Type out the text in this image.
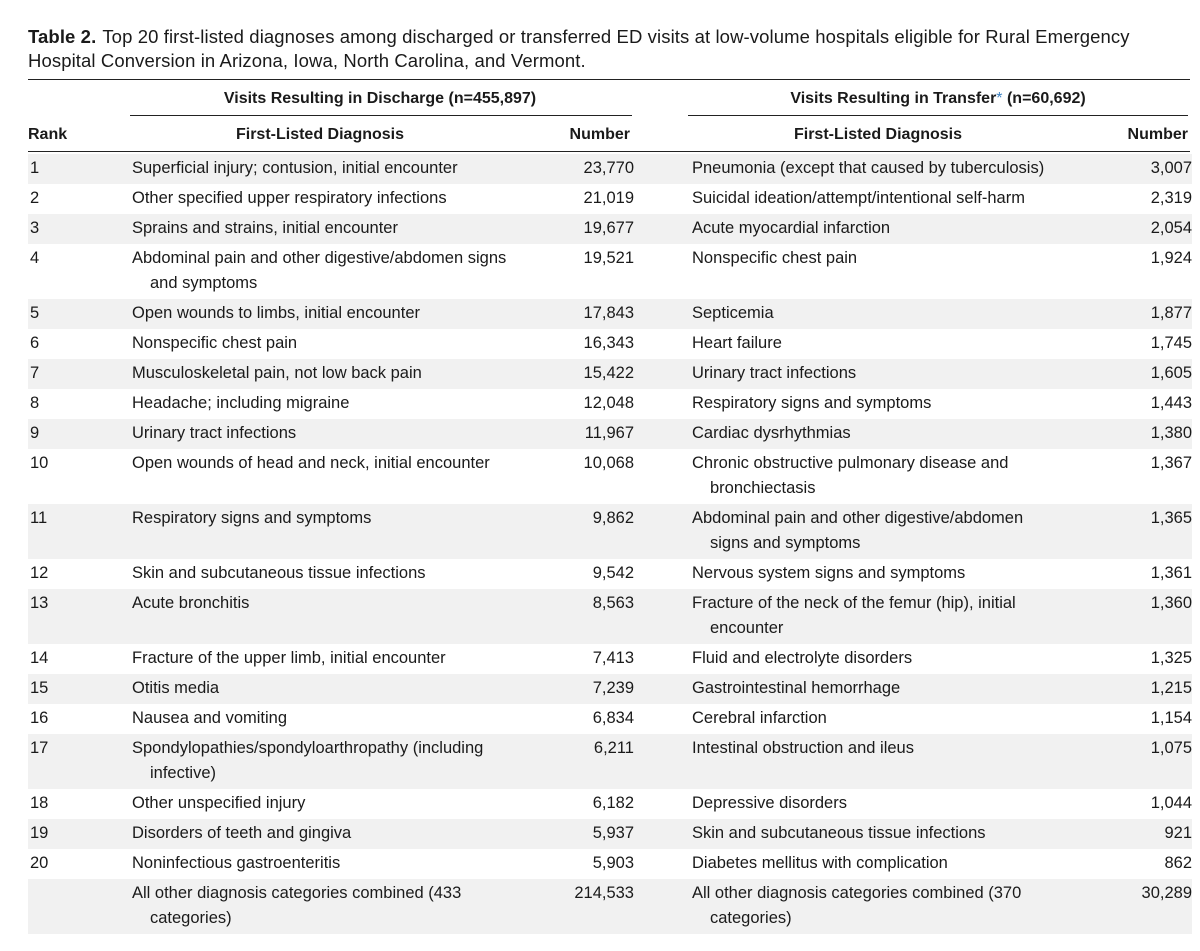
Table 2. Top 20 first-listed diagnoses among discharged or transferred ED visits at low-volume hospitals eligible for Rural Emergency Hospital Conversion in Arizona, Iowa, North Carolina, and Vermont.
Visits Resulting in Discharge (n=455,897)	Visits Resulting in Transfer* (n=60,692)
Rank	First-Listed Diagnosis	Number	First-Listed Diagnosis	Number
1	Superficial injury; contusion, initial encounter	23,770		Pneumonia (except that caused by tuberculosis)	3,007
2	Other specified upper respiratory infections	21,019		Suicidal ideation/attempt/intentional self-harm	2,319
3	Sprains and strains, initial encounter	19,677		Acute myocardial infarction	2,054
4	Abdominal pain and other digestive/abdomen signs and symptoms	19,521		Nonspecific chest pain	1,924
5	Open wounds to limbs, initial encounter	17,843		Septicemia	1,877
6	Nonspecific chest pain	16,343		Heart failure	1,745
7	Musculoskeletal pain, not low back pain	15,422		Urinary tract infections	1,605
8	Headache; including migraine	12,048		Respiratory signs and symptoms	1,443
9	Urinary tract infections	11,967		Cardiac dysrhythmias	1,380
10	Open wounds of head and neck, initial encounter	10,068		Chronic obstructive pulmonary disease and bronchiectasis	1,367
11	Respiratory signs and symptoms	9,862		Abdominal pain and other digestive/abdomen signs and symptoms	1,365
12	Skin and subcutaneous tissue infections	9,542		Nervous system signs and symptoms	1,361
13	Acute bronchitis	8,563		Fracture of the neck of the femur (hip), initial encounter	1,360
14	Fracture of the upper limb, initial encounter	7,413		Fluid and electrolyte disorders	1,325
15	Otitis media	7,239		Gastrointestinal hemorrhage	1,215
16	Nausea and vomiting	6,834		Cerebral infarction	1,154
17	Spondylopathies/spondyloarthropathy (including infective)	6,211		Intestinal obstruction and ileus	1,075
18	Other unspecified injury	6,182		Depressive disorders	1,044
19	Disorders of teeth and gingiva	5,937		Skin and subcutaneous tissue infections	921
20	Noninfectious gastroenteritis	5,903		Diabetes mellitus with complication	862

	All other diagnosis categories combined (433 categories)	214,533		All other diagnosis categories combined (370 categories)	30,289
